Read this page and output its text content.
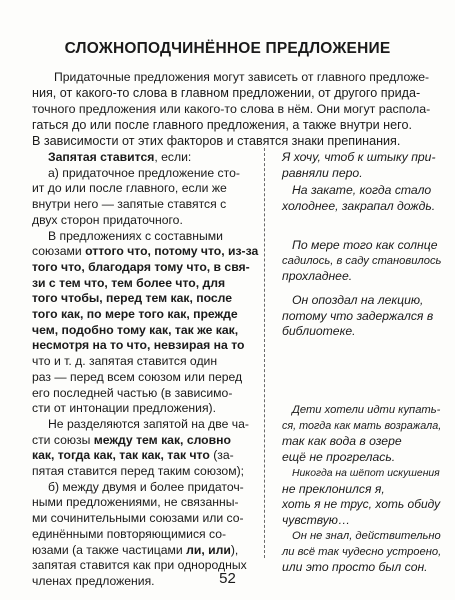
СЛОЖНОПОДЧИНЁННОЕ ПРЕДЛОЖЕНИЕ

Придаточные предложения могут зависеть от главного предложе-
ния, от какого-то слова в главном предложении, от другого прида-
точного предложения или какого-то слова в нём. Они могут распола-
гаться до или после главного предложения, а также внутри него.
В зависимости от этих факторов и ставятся знаки препинания.

Запятая ставится, если:
а) придаточное предложение сто-
ит до или после главного, если же
внутри него — запятые ставятся с
двух сторон придаточного.
В предложениях с составными
союзами оттого что, потому что, из-за
того что, благодаря тому что, в свя-
зи с тем что, тем более что, для
того чтобы, перед тем как, после
того как, по мере того как, прежде
чем, подобно тому как, так же как,
несмотря на то что, невзирая на то
что и т. д. запятая ставится один
раз — перед всем союзом или перед
его последней частью (в зависимо-
сти от интонации предложения).
Не разделяются запятой на две ча-
сти союзы между тем как, словно
как, тогда как, так как, так что (за-
пятая ставится перед таким союзом);
б) между двумя и более придаточ-
ными предложениями, не связанны-
ми сочинительными союзами или со-
единёнными повторяющимися со-
юзами (а также частицами ли, или),
запятая ставится как при однородных
членах предложения.
Я хочу, чтоб к штыку при-
равняли перо.
На закате, когда стало
холоднее, закрапал дождь.
По мере того как солнце
садилось, в саду становилось
прохладнее.
Он опоздал на лекцию,
потому что задержался в
библиотеке.
Дети хотели идти купать-
ся, тогда как мать возражала,
так как вода в озере
ещё не прогрелась.
Никогда на шёпот искушения
не преклонился я,
хоть я не трус, хоть обиду
чувствую…
Он не знал, действительно
ли всё так чудесно устроено,
или это просто был сон.
52
